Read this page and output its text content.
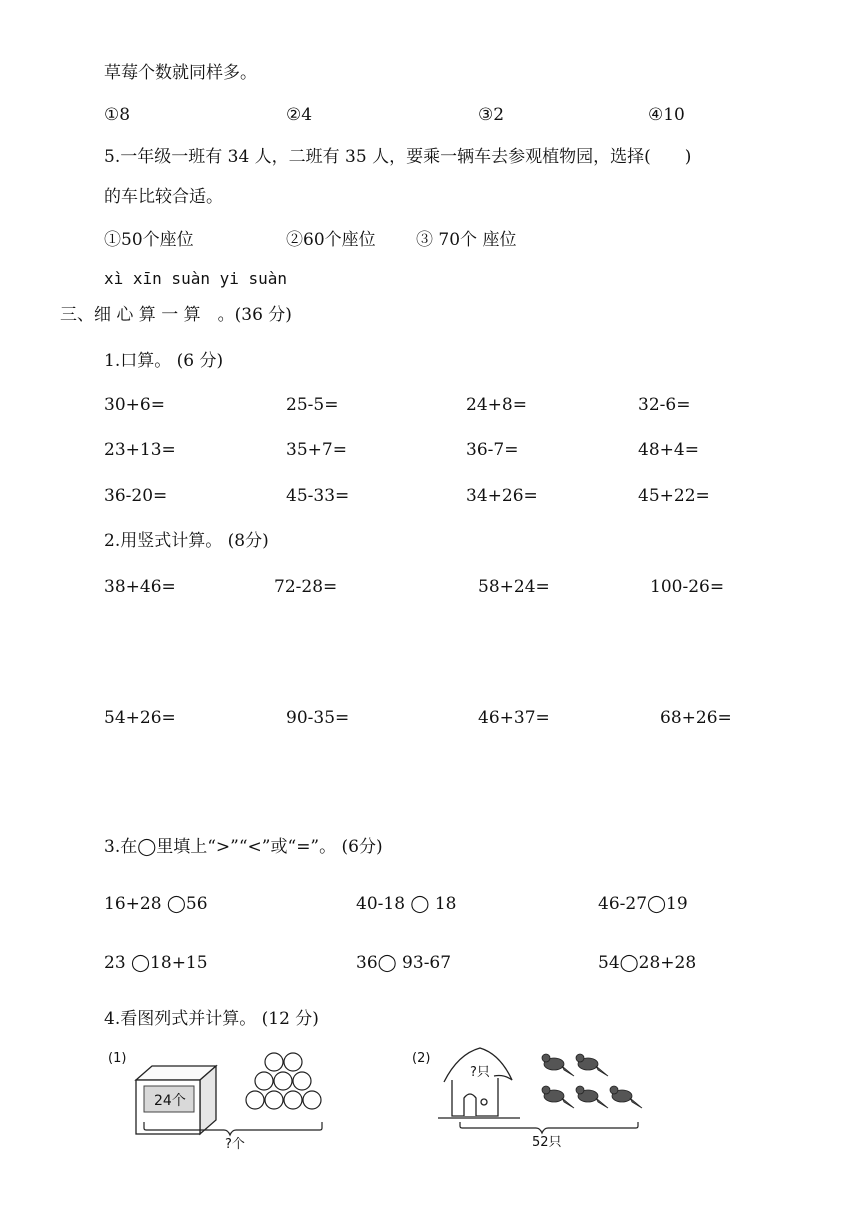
草莓个数就同样多。
①8	②4	③2	④10
5.一年级一班有 34 人，二班有 35 人，要乘一辆车去参观植物园，选择(　　)
的车比较合适。
①50个座位	②60个座位 ③ 70个 座位
xì xīn suàn yi suàn
三、细 心 算 一 算　。(36 分)
1.口算。 (6 分)
30+6=	25-5=	24+8=	32-6=
23+13=	35+7=	36-7=	48+4=
36-20=	45-33=	34+26=	45+22=
2.用竖式计算。 (8分)
38+46=	72-28=	58+24=	100-26=
54+26=	90-35=	46+37=	68+26=
3.在◯里填上“>”“<”或“=”。 (6分)
16+28 ◯56	40-18 ◯ 18	46-27◯19
23 ◯18+15	36◯ 93-67	54◯28+28
4.看图列式并计算。 (12 分)
(1)
24个
?个
(2)
?只
52只
